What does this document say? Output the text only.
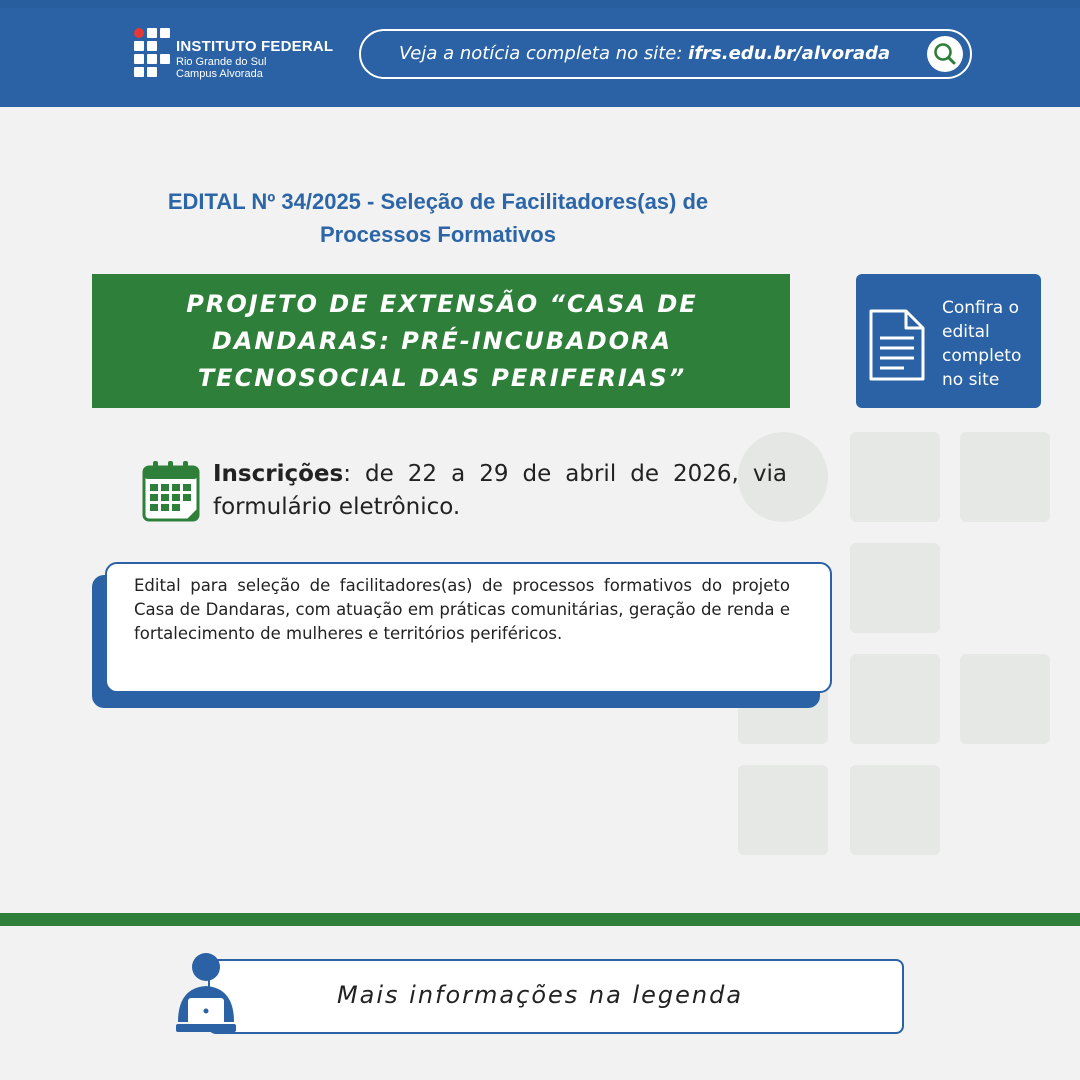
INSTITUTO FEDERAL
Rio Grande do Sul
Campus Alvorada
Veja a notícia completa no site: ifrs.edu.br/alvorada
EDITAL Nº 34/2025 - Seleção de Facilitadores(as) de
Processos Formativos
PROJETO DE EXTENSÃO “CASA DE
DANDARAS: PRÉ-INCUBADORA
TECNOSOCIAL DAS PERIFERIAS”
Confira o
edital
completo
no site
Inscrições: de 22 a 29 de abril de 2026, via formulário eletrônico.
Edital para seleção de facilitadores(as) de processos formativos do projeto Casa de Dandaras, com atuação em práticas comunitárias, geração de renda e fortalecimento de mulheres e territórios periféricos.
Mais informações na legenda
